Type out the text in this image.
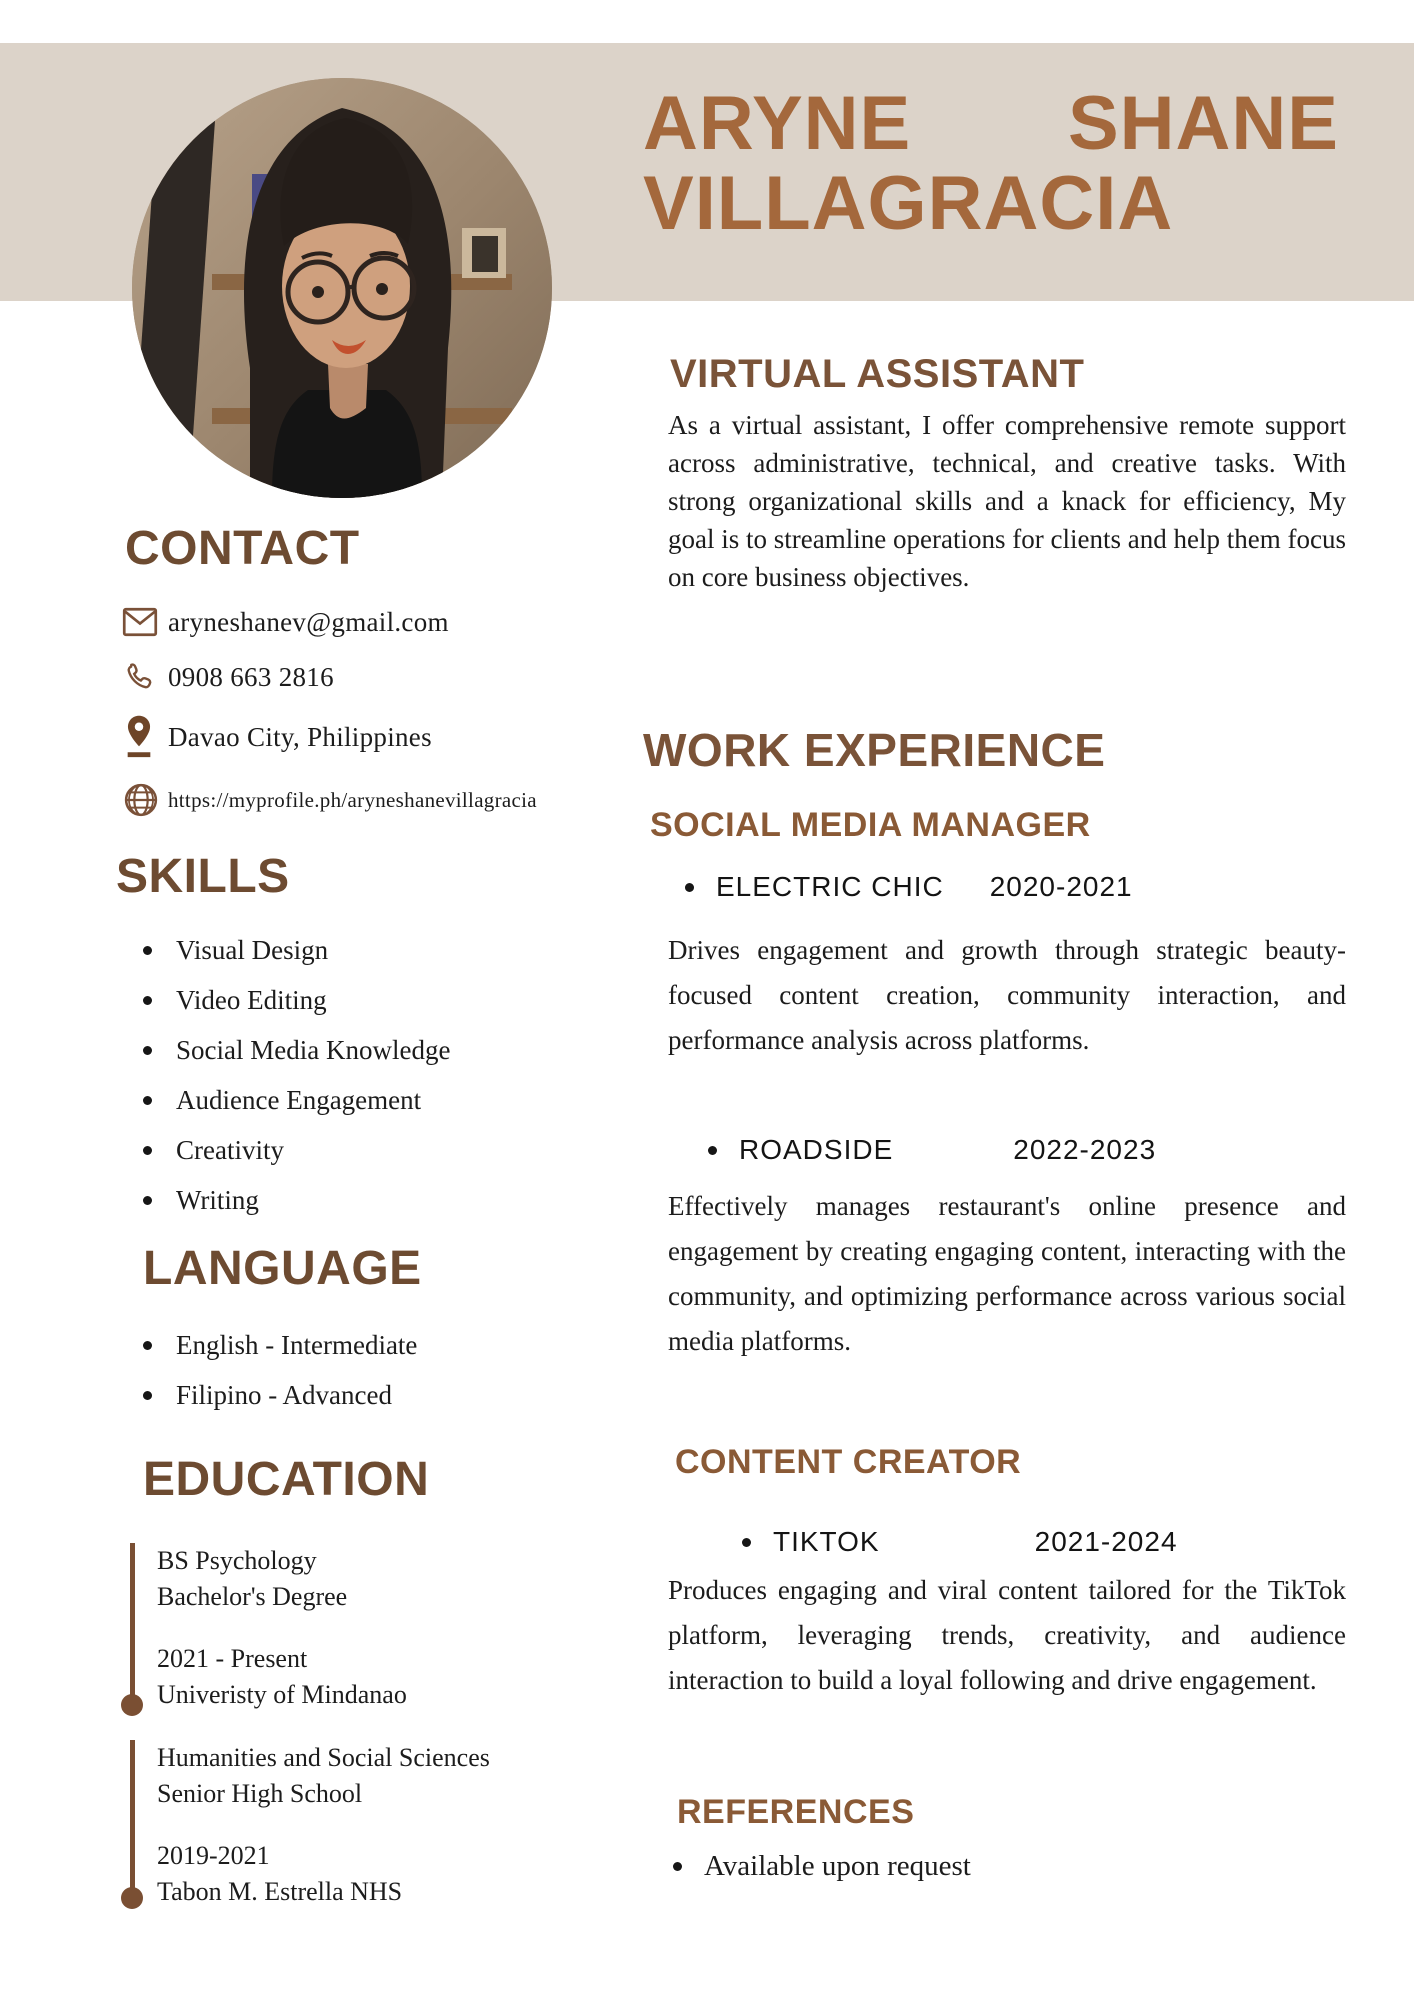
ARYNE SHANE
VILLAGRACIA
CONTACT
aryneshanev@gmail.com
0908 663 2816
Davao City, Philippines
https://myprofile.ph/aryneshanevillagracia
SKILLS
Visual Design
Video Editing
Social Media Knowledge
Audience Engagement
Creativity
Writing
LANGUAGE
English - Intermediate
Filipino - Advanced
EDUCATION
BS Psychology
Bachelor's Degree
2021 - Present
Univeristy of Mindanao
Humanities and Social Sciences
Senior High School
2019-2021
Tabon M. Estrella NHS
VIRTUAL ASSISTANT
As a virtual assistant, I offer comprehensive remote support across administrative, technical, and creative tasks. With strong organizational skills and a knack for efficiency, My goal is to streamline operations for clients and help them focus on core business objectives.
WORK EXPERIENCE
SOCIAL MEDIA MANAGER
ELECTRIC CHIC 2020-2021
Drives engagement and growth through strategic beauty-focused content creation, community interaction, and performance analysis across platforms.
ROADSIDE	2022-2023
Effectively manages restaurant's online presence and engagement by creating engaging content, interacting with the community, and optimizing performance across various social media platforms.
CONTENT CREATOR
TIKTOK	2021-2024
Produces engaging and viral content tailored for the TikTok platform, leveraging trends, creativity, and audience interaction to build a loyal following and drive engagement.
REFERENCES
Available upon request
